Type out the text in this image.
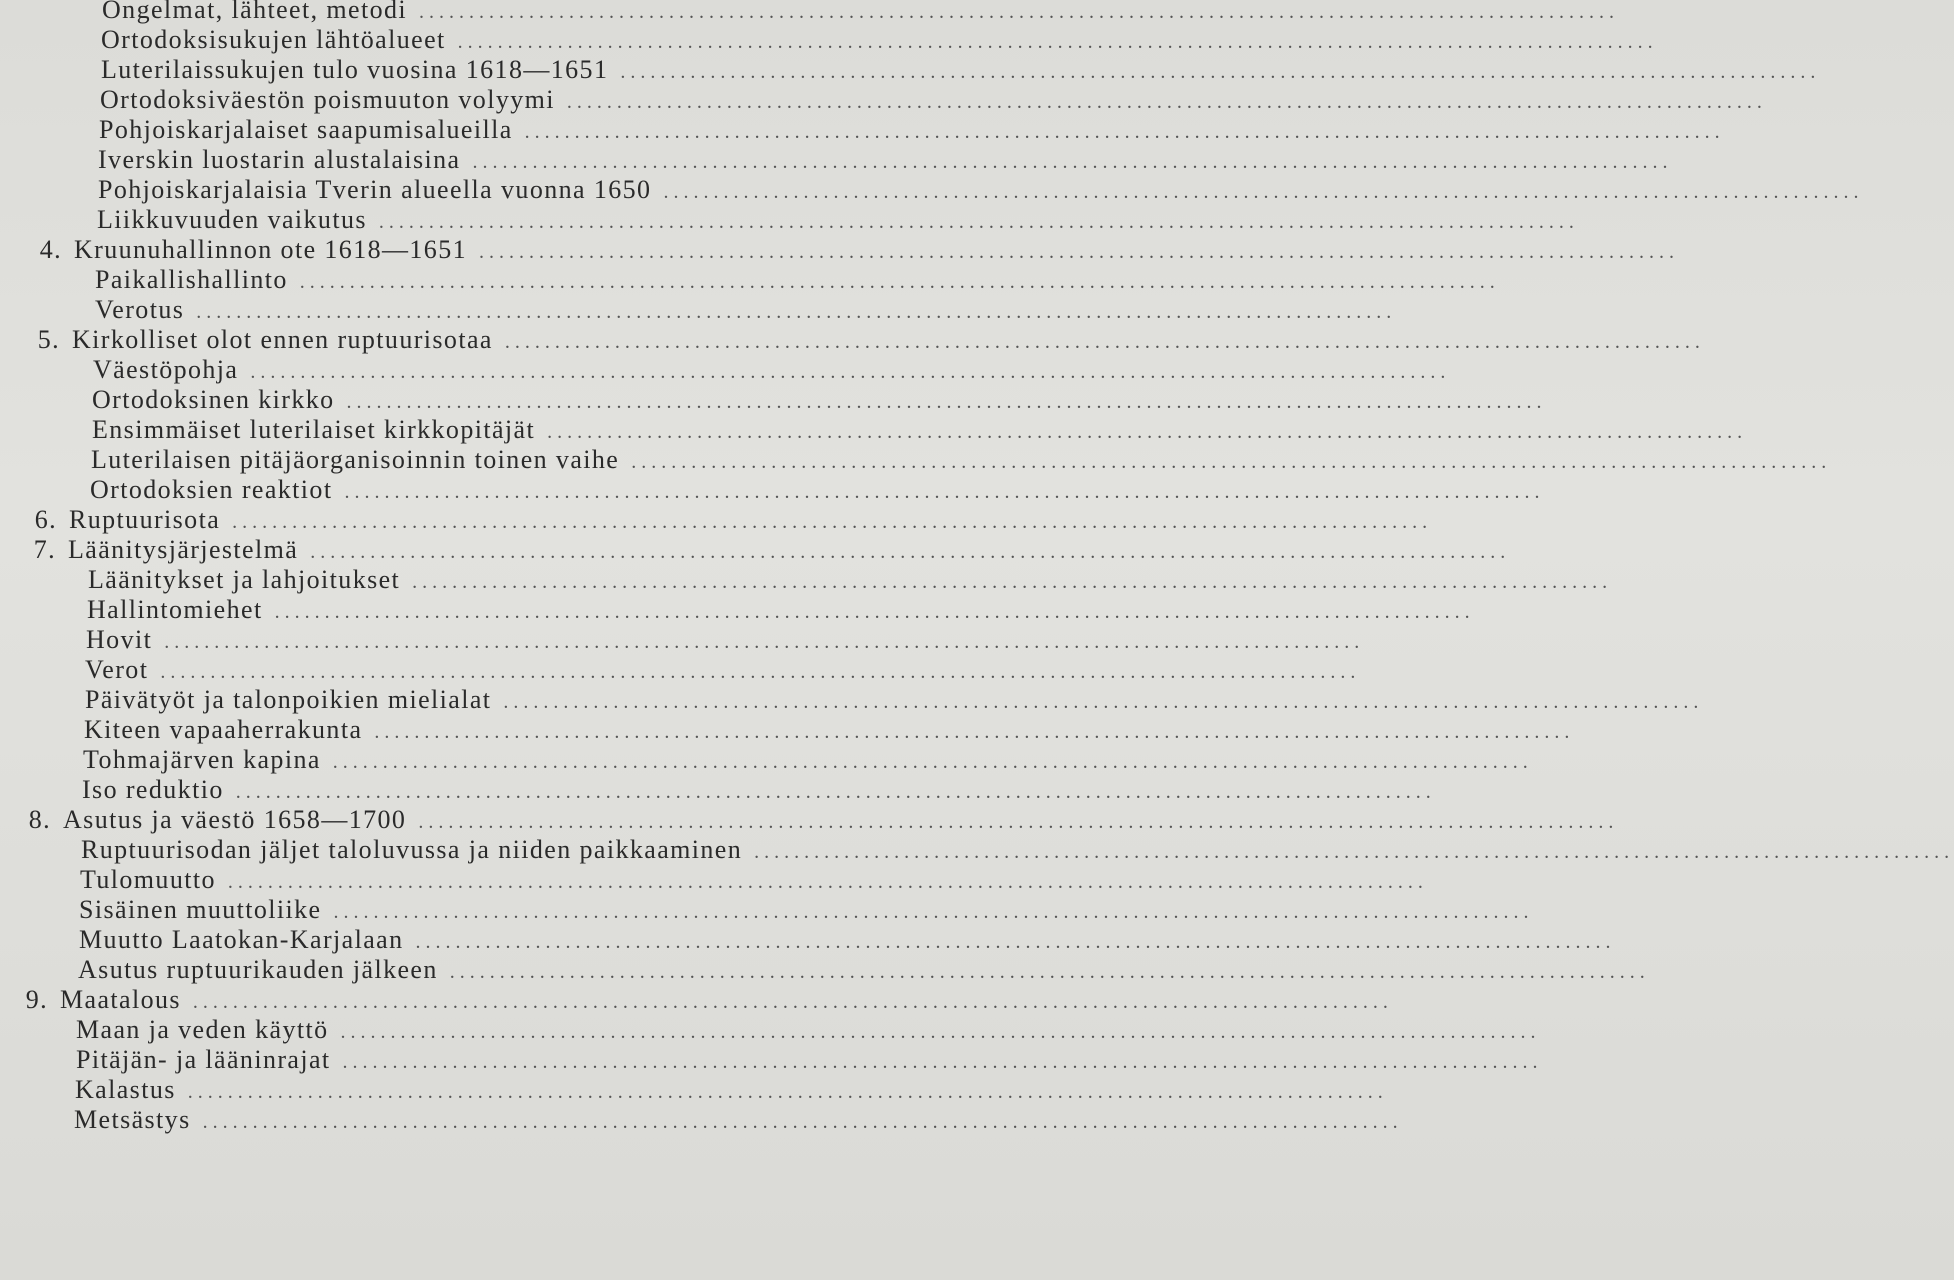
Ongelmat, lähteet, metodi ........................................................................................................................
Ortodoksisukujen lähtöalueet ........................................................................................................................
Luterilaissukujen tulo vuosina 1618—1651 ........................................................................................................................
Ortodoksiväestön poismuuton volyymi ........................................................................................................................
Pohjoiskarjalaiset saapumisalueilla ........................................................................................................................
Iverskin luostarin alustalaisina ........................................................................................................................
Pohjoiskarjalaisia Tverin alueella vuonna 1650 ........................................................................................................................
Liikkuvuuden vaikutus ........................................................................................................................
4. Kruunuhallinnon ote 1618—1651 ........................................................................................................................
Paikallishallinto ........................................................................................................................
Verotus ........................................................................................................................
5. Kirkolliset olot ennen ruptuurisotaa ........................................................................................................................
Väestöpohja ........................................................................................................................
Ortodoksinen kirkko ........................................................................................................................
Ensimmäiset luterilaiset kirkkopitäjät ........................................................................................................................
Luterilaisen pitäjäorganisoinnin toinen vaihe ........................................................................................................................
Ortodoksien reaktiot ........................................................................................................................
6. Ruptuurisota ........................................................................................................................
7. Läänitysjärjestelmä ........................................................................................................................
Läänitykset ja lahjoitukset ........................................................................................................................
Hallintomiehet ........................................................................................................................
Hovit ........................................................................................................................
Verot ........................................................................................................................
Päivätyöt ja talonpoikien mielialat ........................................................................................................................
Kiteen vapaaherrakunta ........................................................................................................................
Tohmajärven kapina ........................................................................................................................
Iso reduktio ........................................................................................................................
8. Asutus ja väestö 1658—1700 ........................................................................................................................
Ruptuurisodan jäljet taloluvussa ja niiden paikkaaminen ........................................................................................................................
Tulomuutto ........................................................................................................................
Sisäinen muuttoliike ........................................................................................................................
Muutto Laatokan-Karjalaan ........................................................................................................................
Asutus ruptuurikauden jälkeen ........................................................................................................................
9. Maatalous ........................................................................................................................
Maan ja veden käyttö ........................................................................................................................
Pitäjän- ja lääninrajat ........................................................................................................................
Kalastus ........................................................................................................................
Metsästys ........................................................................................................................
